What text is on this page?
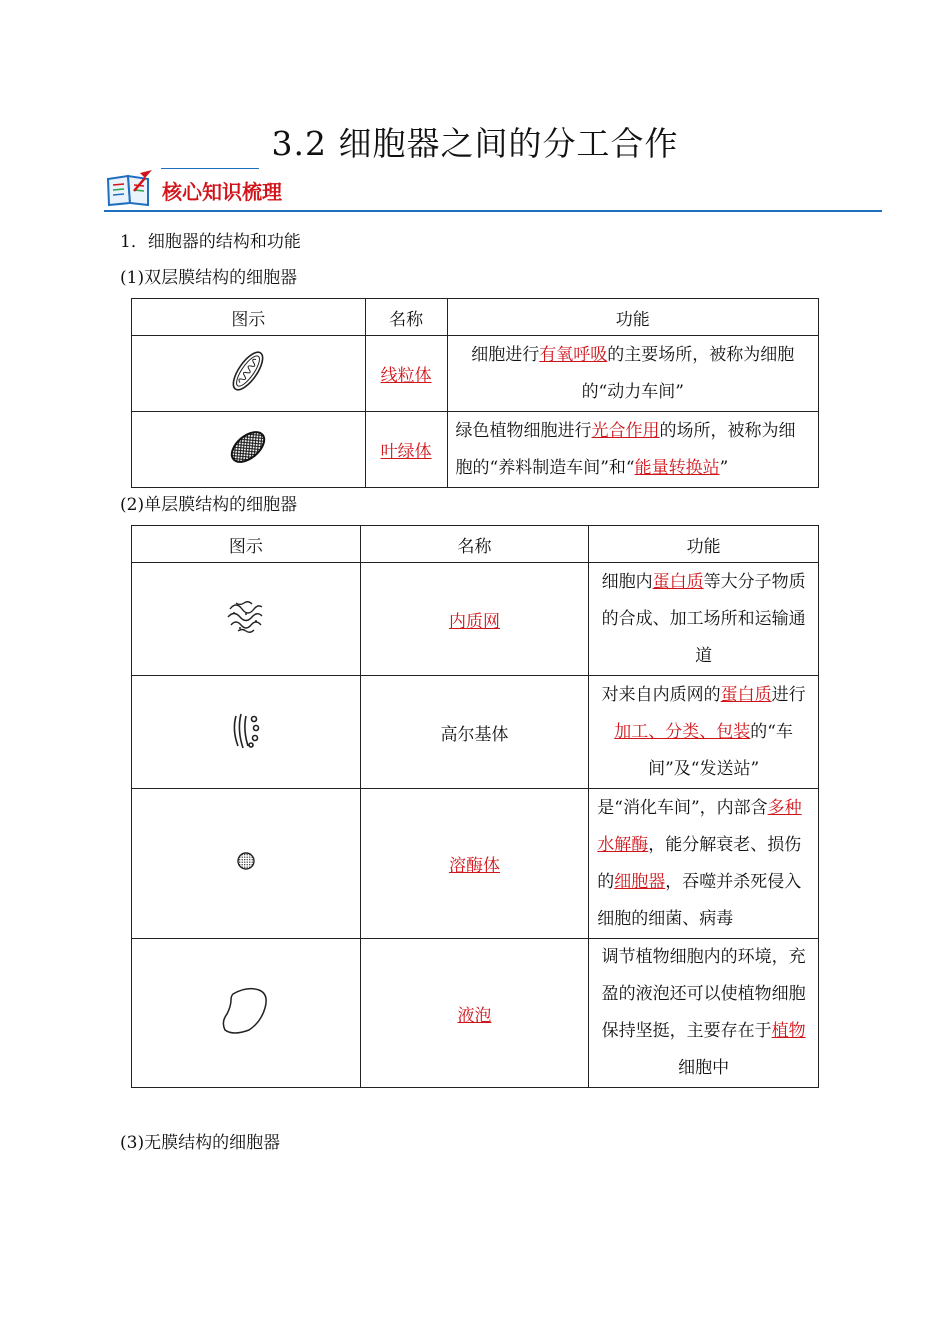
3.2 细胞器之间的分工合作
核心知识梳理
1．细胞器的结构和功能
(1)双层膜结构的细胞器
图示	名称	功能
	线粒体	细胞进行有氧呼吸的主要场所，被称为细胞的“动力车间”
	叶绿体	绿色植物细胞进行光合作用的场所，被称为细胞的“养料制造车间”和“能量转换站”
(2)单层膜结构的细胞器
图示	名称	功能
	内质网	细胞内蛋白质等大分子物质的合成、加工场所和运输通道
	高尔基体	对来自内质网的蛋白质进行加工、分类、包装的“车间”及“发送站”
	溶酶体	是“消化车间”，内部含多种水解酶，能分解衰老、损伤的细胞器，吞噬并杀死侵入细胞的细菌、病毒
	液泡	调节植物细胞内的环境，充盈的液泡还可以使植物细胞保持坚挺，主要存在于植物细胞中
(3)无膜结构的细胞器
